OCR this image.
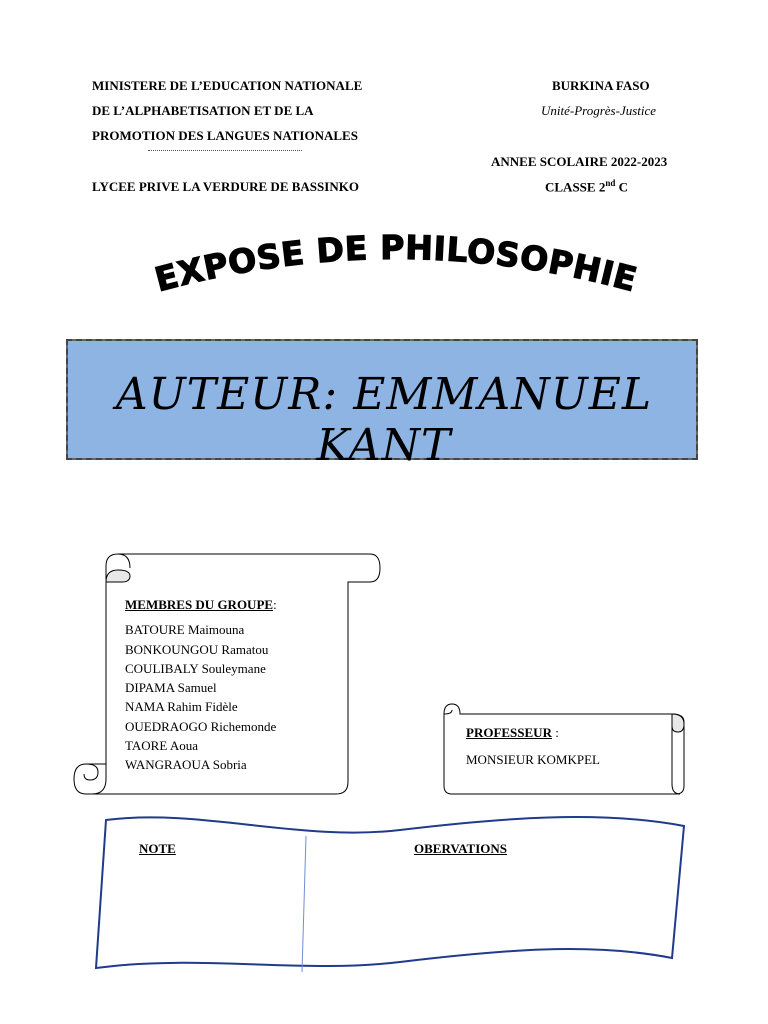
MINISTERE DE L’EDUCATION NATIONALE
DE L’ALPHABETISATION ET DE LA
PROMOTION DES LANGUES NATIONALES
LYCEE PRIVE LA VERDURE DE BASSINKO
BURKINA FASO
Unité-Progrès-Justice
ANNEE SCOLAIRE 2022-2023
CLASSE 2nd C
EXPOSE DE PHILOSOPHIE
AUTEUR: EMMANUEL KANT
MEMBRES DU GROUPE:
BATOURE Maimouna
BONKOUNGOU Ramatou
COULIBALY Souleymane
DIPAMA Samuel
NAMA Rahim Fidèle
OUEDRAOGO Richemonde
TAORE Aoua
WANGRAOUA Sobria
PROFESSEUR :
MONSIEUR KOMKPEL
NOTE	OBERVATIONS
